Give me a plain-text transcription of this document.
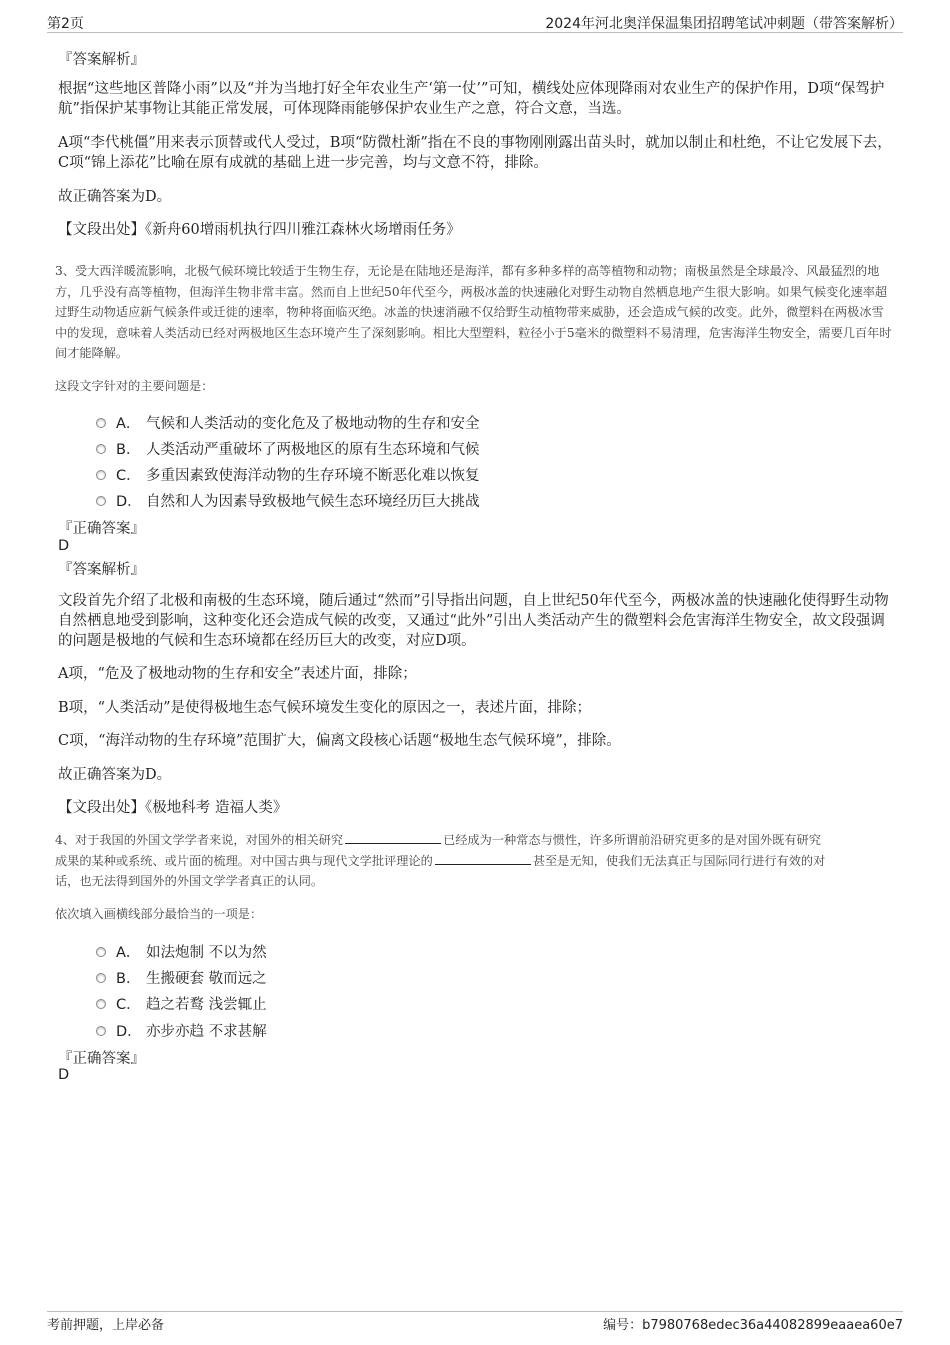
第2页	2024年河北奥洋保温集团招聘笔试冲刺题（带答案解析）
『答案解析』
根据“这些地区普降小雨”以及“并为当地打好全年农业生产‘第一仗’”可知，横线处应体现降雨对农业生产的保护作用，D项“保驾护航”指保护某事物让其能正常发展，可体现降雨能够保护农业生产之意，符合文意，当选。
A项“李代桃僵”用来表示顶替或代人受过，B项“防微杜渐”指在不良的事物刚刚露出苗头时，就加以制止和杜绝，不让它发展下去，C项“锦上添花”比喻在原有成就的基础上进一步完善，均与文意不符，排除。
故正确答案为D。
【文段出处】《新舟60增雨机执行四川雅江森林火场增雨任务》
3、受大西洋暖流影响，北极气候环境比较适于生物生存，无论是在陆地还是海洋，都有多种多样的高等植物和动物；南极虽然是全球最冷、风最猛烈的地方，几乎没有高等植物，但海洋生物非常丰富。然而自上世纪50年代至今，两极冰盖的快速融化对野生动物自然栖息地产生很大影响。如果气候变化速率超过野生动物适应新气候条件或迁徙的速率，物种将面临灭绝。冰盖的快速消融不仅给野生动植物带来威胁，还会造成气候的改变。此外，微塑料在两极冰雪中的发现，意味着人类活动已经对两极地区生态环境产生了深刻影响。相比大型塑料，粒径小于5毫米的微塑料不易清理，危害海洋生物安全，需要几百年时间才能降解。
这段文字针对的主要问题是：
A． 气候和人类活动的变化危及了极地动物的生存和安全
B． 人类活动严重破坏了两极地区的原有生态环境和气候
C． 多重因素致使海洋动物的生存环境不断恶化难以恢复
D． 自然和人为因素导致极地气候生态环境经历巨大挑战
『正确答案』
D
『答案解析』
文段首先介绍了北极和南极的生态环境，随后通过“然而”引导指出问题，自上世纪50年代至今，两极冰盖的快速融化使得野生动物自然栖息地受到影响，这种变化还会造成气候的改变，又通过“此外”引出人类活动产生的微塑料会危害海洋生物安全，故文段强调的问题是极地的气候和生态环境都在经历巨大的改变，对应D项。
A项，“危及了极地动物的生存和安全”表述片面，排除；
B项，“人类活动”是使得极地生态气候环境发生变化的原因之一，表述片面，排除；
C项，“海洋动物的生存环境”范围扩大，偏离文段核心话题“极地生态气候环境”，排除。
故正确答案为D。
【文段出处】《极地科考 造福人类》
4、对于我国的外国文学学者来说，对国外的相关研究	已经成为一种常态与惯性，许多所谓前沿研究更多的是对国外既有研究
成果的某种或系统、或片面的梳理。对中国古典与现代文学批评理论的	甚至是无知，使我们无法真正与国际同行进行有效的对
话，也无法得到国外的外国文学学者真正的认同。
依次填入画横线部分最恰当的一项是：
A． 如法炮制 不以为然
B． 生搬硬套 敬而远之
C． 趋之若鹜 浅尝辄止
D． 亦步亦趋 不求甚解
『正确答案』
D
考前押题，上岸必备	编号：b7980768edec36a44082899eaaea60e7
